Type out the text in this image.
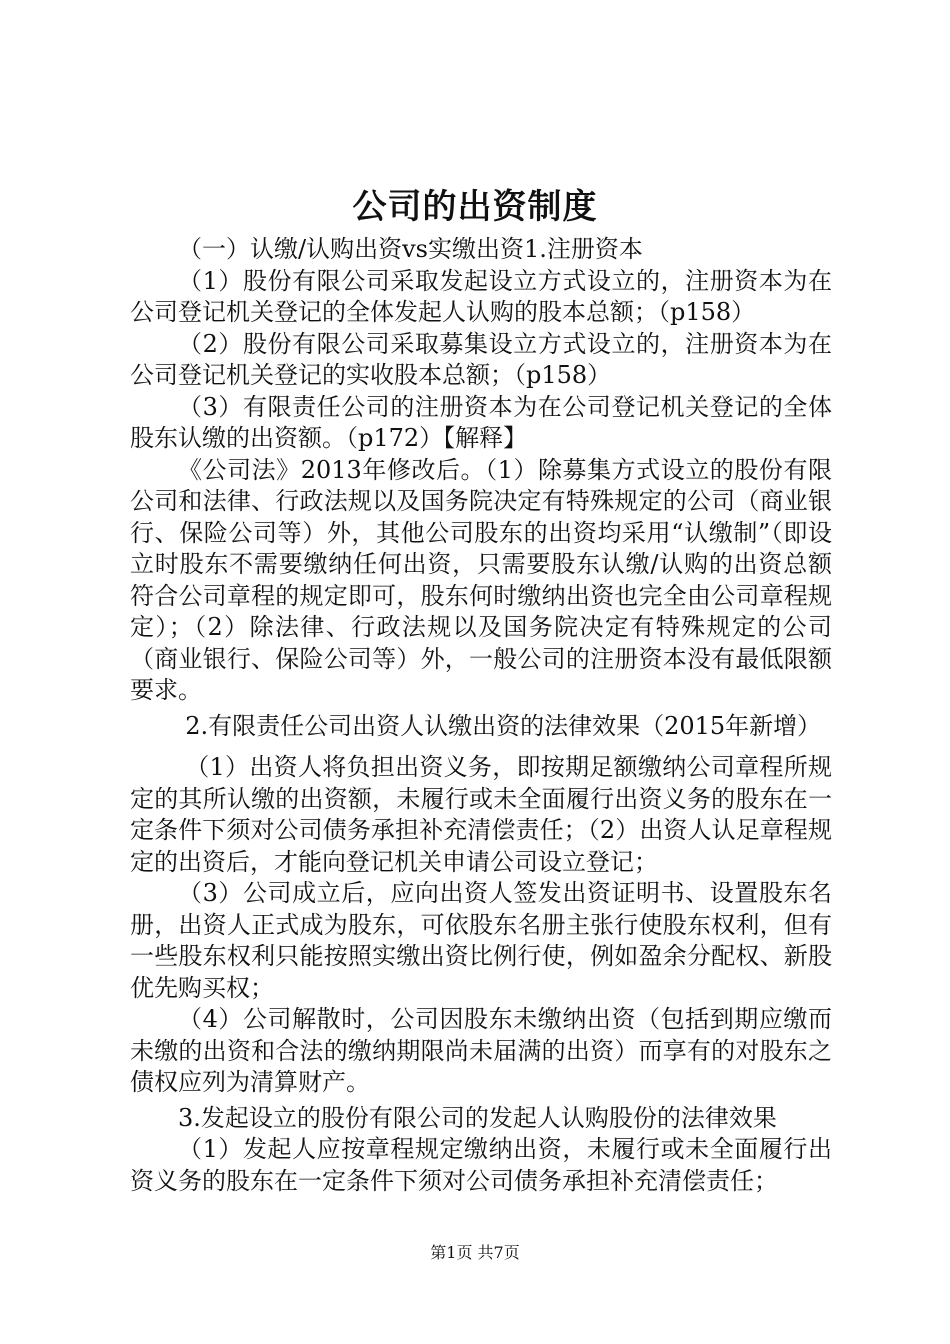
公司的出资制度

（一）认缴/认购出资vs实缴出资1.注册资本

（1）股份有限公司采取发起设立方式设立的，注册资本为在公司登记机关登记的全体发起人认购的股本总额；（p158）

（2）股份有限公司采取募集设立方式设立的，注册资本为在公司登记机关登记的实收股本总额；（p158）

（3）有限责任公司的注册资本为在公司登记机关登记的全体股东认缴的出资额。（p172）【解释】

《公司法》2013年修改后。（1）除募集方式设立的股份有限公司和法律、行政法规以及国务院决定有特殊规定的公司（商业银行、保险公司等）外，其他公司股东的出资均采用“认缴制”（即设立时股东不需要缴纳任何出资，只需要股东认缴/认购的出资总额符合公司章程的规定即可，股东何时缴纳出资也完全由公司章程规定）；（2）除法律、行政法规以及国务院决定有特殊规定的公司（商业银行、保险公司等）外，一般公司的注册资本没有最低限额要求。

2.有限责任公司出资人认缴出资的法律效果（2015年新增）

（1）出资人将负担出资义务，即按期足额缴纳公司章程所规定的其所认缴的出资额，未履行或未全面履行出资义务的股东在一定条件下须对公司债务承担补充清偿责任；（2）出资人认足章程规定的出资后，才能向登记机关申请公司设立登记；

（3）公司成立后，应向出资人签发出资证明书、设置股东名册，出资人正式成为股东，可依股东名册主张行使股东权利，但有一些股东权利只能按照实缴出资比例行使，例如盈余分配权、新股优先购买权；

（4）公司解散时，公司因股东未缴纳出资（包括到期应缴而未缴的出资和合法的缴纳期限尚未届满的出资）而享有的对股东之债权应列为清算财产。

3.发起设立的股份有限公司的发起人认购股份的法律效果

（1）发起人应按章程规定缴纳出资，未履行或未全面履行出资义务的股东在一定条件下须对公司债务承担补充清偿责任；

第1页 共7页
